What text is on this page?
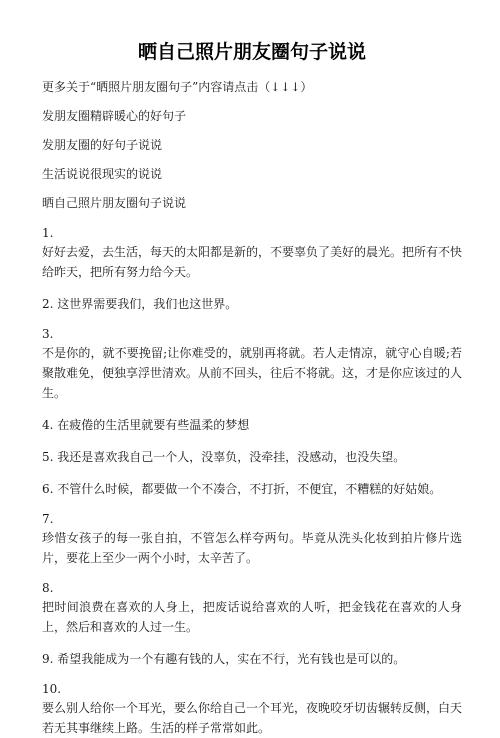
晒自己照片朋友圈句子说说

更多关于“晒照片朋友圈句子”内容请点击（↓↓↓）

发朋友圈精辟暖心的好句子

发朋友圈的好句子说说

生活说说很现实的说说

晒自己照片朋友圈句子说说

1.
好好去爱，去生活，每天的太阳都是新的，不要辜负了美好的晨光。把所有不快给昨天，把所有努力给今天。
2. 这世界需要我们，我们也这世界。
3.
不是你的，就不要挽留;让你难受的，就别再将就。若人走情凉，就守心自暖;若聚散难免，便独享浮世清欢。从前不回头，往后不将就。这，才是你应该过的人生。
4. 在疲倦的生活里就要有些温柔的梦想
5. 我还是喜欢我自己一个人，没辜负，没牵挂，没感动，也没失望。
6. 不管什么时候，都要做一个不凑合，不打折，不便宜，不糟糕的好姑娘。
7.
珍惜女孩子的每一张自拍，不管怎么样夸两句。毕竟从洗头化妆到拍片修片选片，要花上至少一两个小时，太辛苦了。
8.
把时间浪费在喜欢的人身上，把废话说给喜欢的人听，把金钱花在喜欢的人身上，然后和喜欢的人过一生。
9. 希望我能成为一个有趣有钱的人，实在不行，光有钱也是可以的。
10.
要么别人给你一个耳光，要么你给自己一个耳光，夜晚咬牙切齿辗转反侧，白天若无其事继续上路。生活的样子常常如此。
